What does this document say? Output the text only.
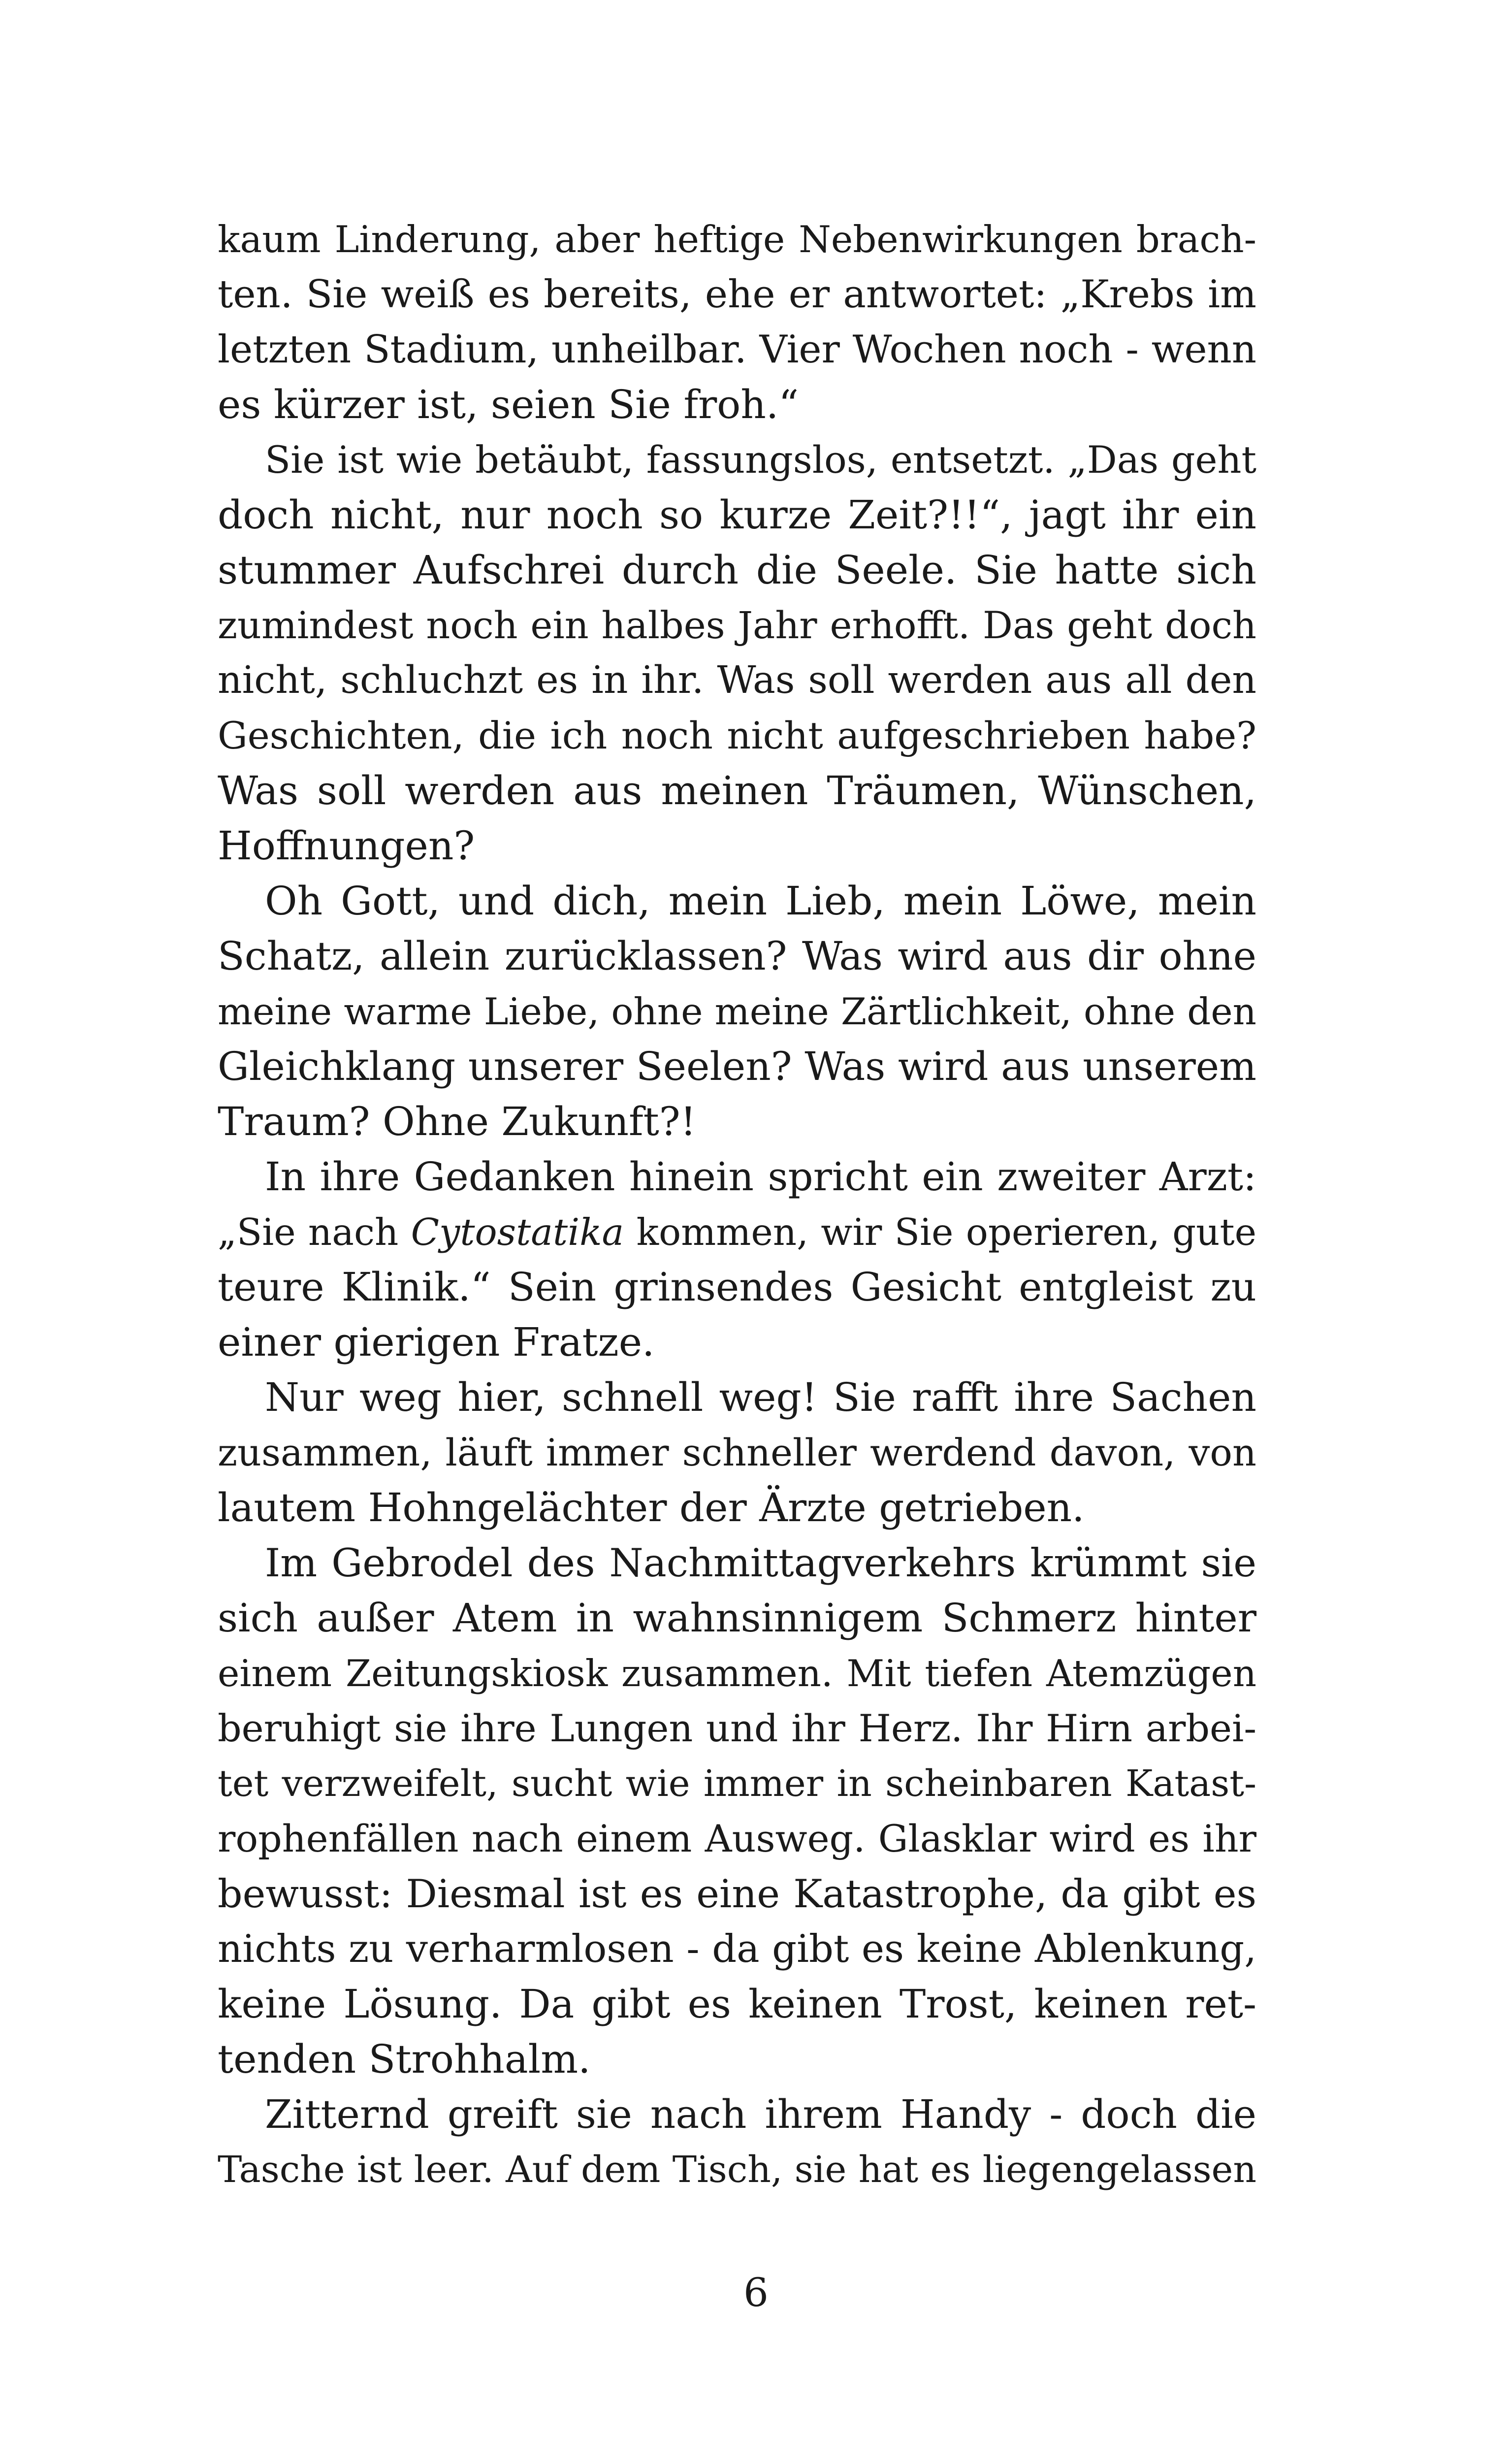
kaum Linderung, aber heftige Nebenwirkungen brach-
ten. Sie weiß es bereits, ehe er antwortet: „Krebs im
letzten Stadium, unheilbar. Vier Wochen noch - wenn
es kürzer ist, seien Sie froh.“
Sie ist wie betäubt, fassungslos, entsetzt. „Das geht
doch nicht, nur noch so kurze Zeit?!!“, jagt ihr ein
stummer Aufschrei durch die Seele. Sie hatte sich
zumindest noch ein halbes Jahr erhofft. Das geht doch
nicht, schluchzt es in ihr. Was soll werden aus all den
Geschichten, die ich noch nicht aufgeschrieben habe?
Was soll werden aus meinen Träumen, Wünschen,
Hoffnungen?
Oh Gott, und dich, mein Lieb, mein Löwe, mein
Schatz, allein zurücklassen? Was wird aus dir ohne
meine warme Liebe, ohne meine Zärtlichkeit, ohne den
Gleichklang unserer Seelen? Was wird aus unserem
Traum? Ohne Zukunft?!
In ihre Gedanken hinein spricht ein zweiter Arzt:
„Sie nach Cytostatika kommen, wir Sie operieren, gute
teure Klinik.“ Sein grinsendes Gesicht entgleist zu
einer gierigen Fratze.
Nur weg hier, schnell weg! Sie rafft ihre Sachen
zusammen, läuft immer schneller werdend davon, von
lautem Hohngelächter der Ärzte getrieben.
Im Gebrodel des Nachmittagverkehrs krümmt sie
sich außer Atem in wahnsinnigem Schmerz hinter
einem Zeitungskiosk zusammen. Mit tiefen Atemzügen
beruhigt sie ihre Lungen und ihr Herz. Ihr Hirn arbei-
tet verzweifelt, sucht wie immer in scheinbaren Katast-
rophenfällen nach einem Ausweg. Glasklar wird es ihr
bewusst: Diesmal ist es eine Katastrophe, da gibt es
nichts zu verharmlosen - da gibt es keine Ablenkung,
keine Lösung. Da gibt es keinen Trost, keinen ret-
tenden Strohhalm.
Zitternd greift sie nach ihrem Handy - doch die
Tasche ist leer. Auf dem Tisch, sie hat es liegengelassen
6
